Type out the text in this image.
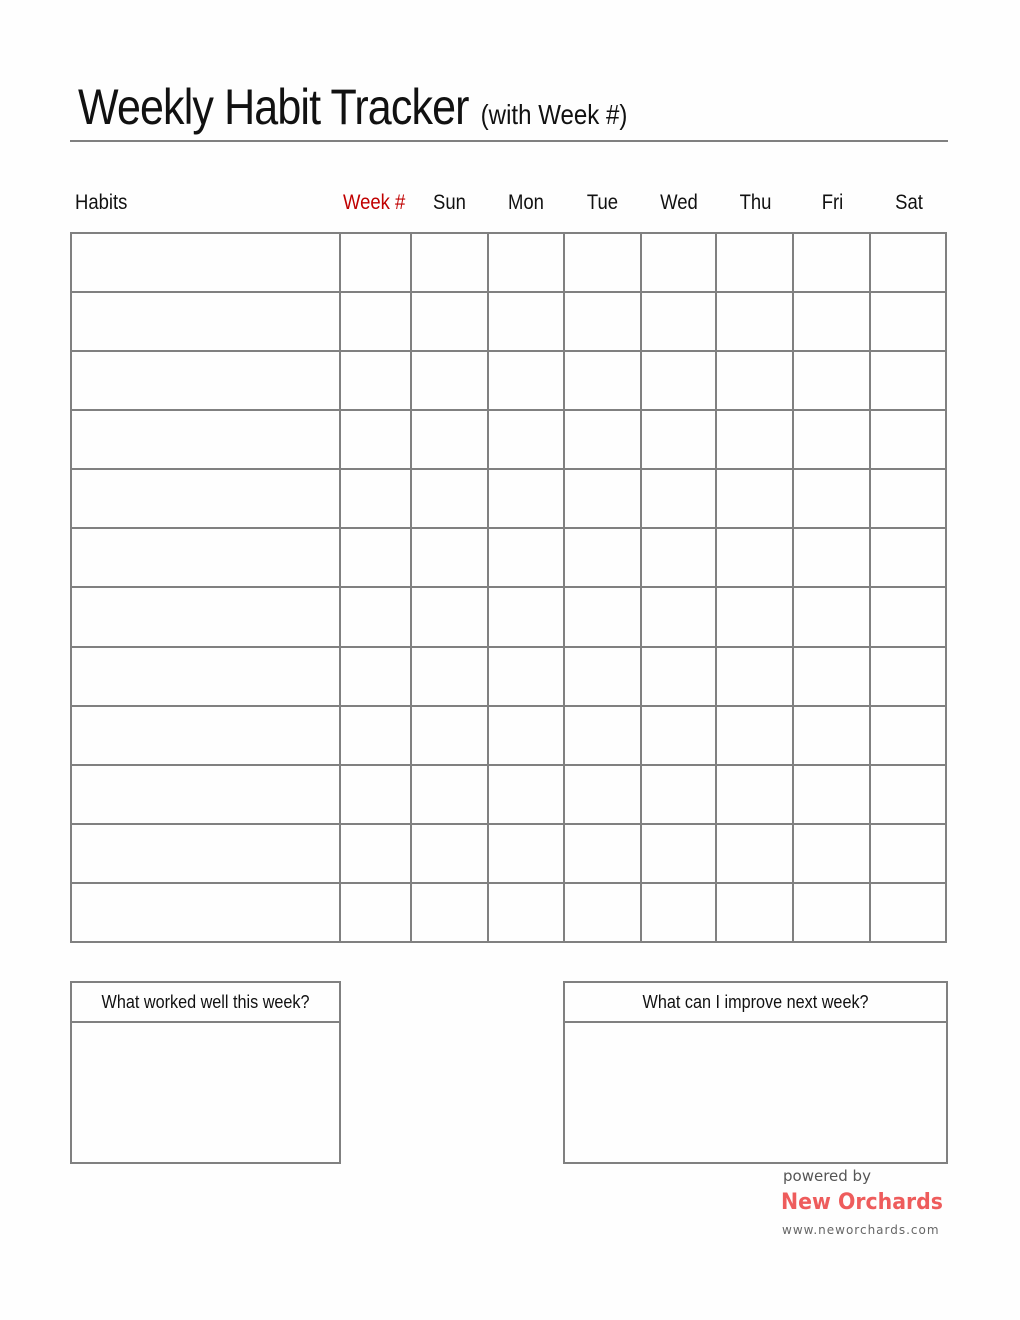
Weekly Habit Tracker (with Week #)
Habits	Week #	Sun	Mon	Tue	Wed	Thu	Fri	Sat

What worked well this week?	What can I improve next week?
powered by
New Orchards
www.neworchards.com
